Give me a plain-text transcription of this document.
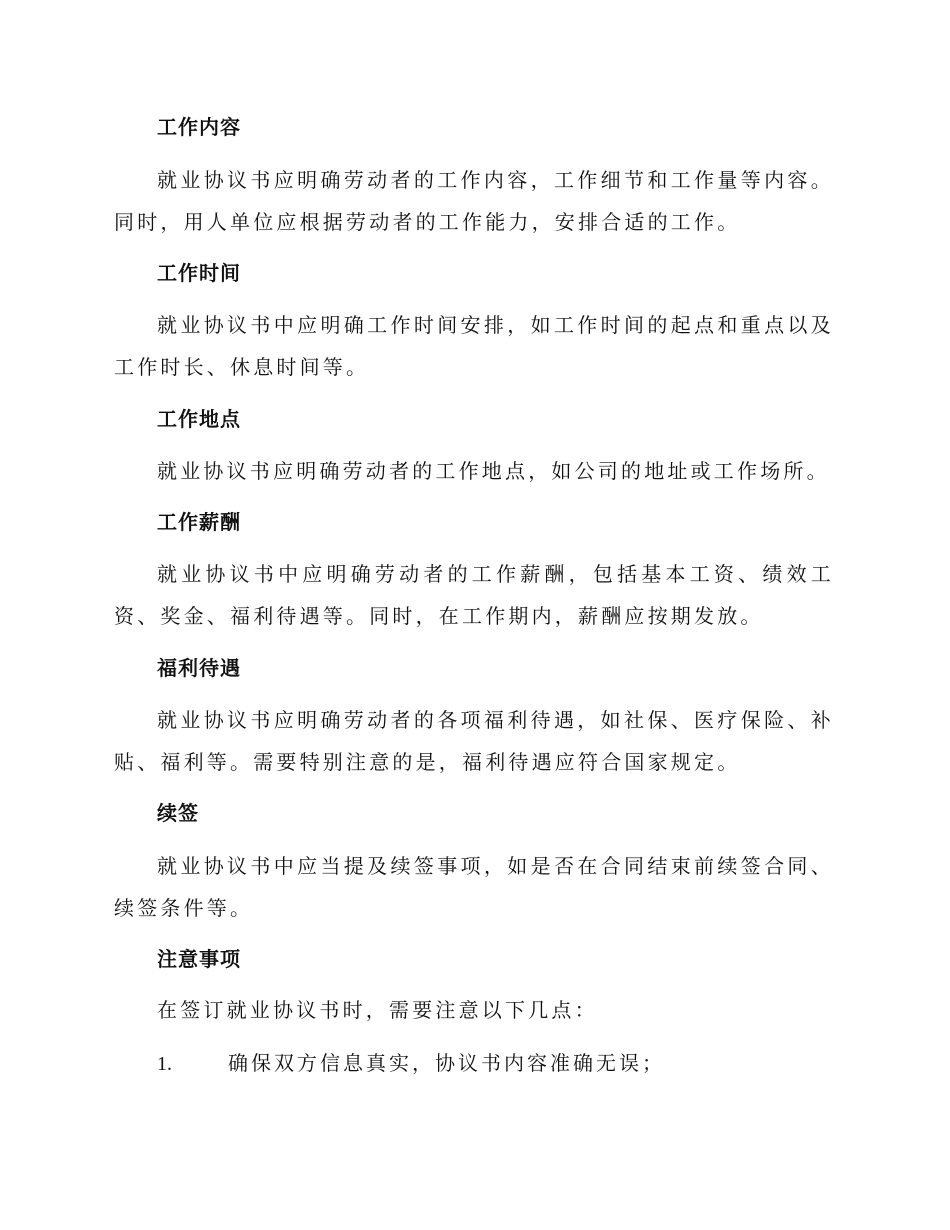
工作内容
就业协议书应明确劳动者的工作内容，工作细节和工作量等内容。同时，用人单位应根据劳动者的工作能力，安排合适的工作。
工作时间
就业协议书中应明确工作时间安排，如工作时间的起点和重点以及工作时长、休息时间等。
工作地点
就业协议书应明确劳动者的工作地点，如公司的地址或工作场所。
工作薪酬
就业协议书中应明确劳动者的工作薪酬，包括基本工资、绩效工资、奖金、福利待遇等。同时，在工作期内，薪酬应按期发放。
福利待遇
就业协议书应明确劳动者的各项福利待遇，如社保、医疗保险、补贴、福利等。需要特别注意的是，福利待遇应符合国家规定。
续签
就业协议书中应当提及续签事项，如是否在合同结束前续签合同、续签条件等。
注意事项
在签订就业协议书时，需要注意以下几点：
1.	确保双方信息真实，协议书内容准确无误；
